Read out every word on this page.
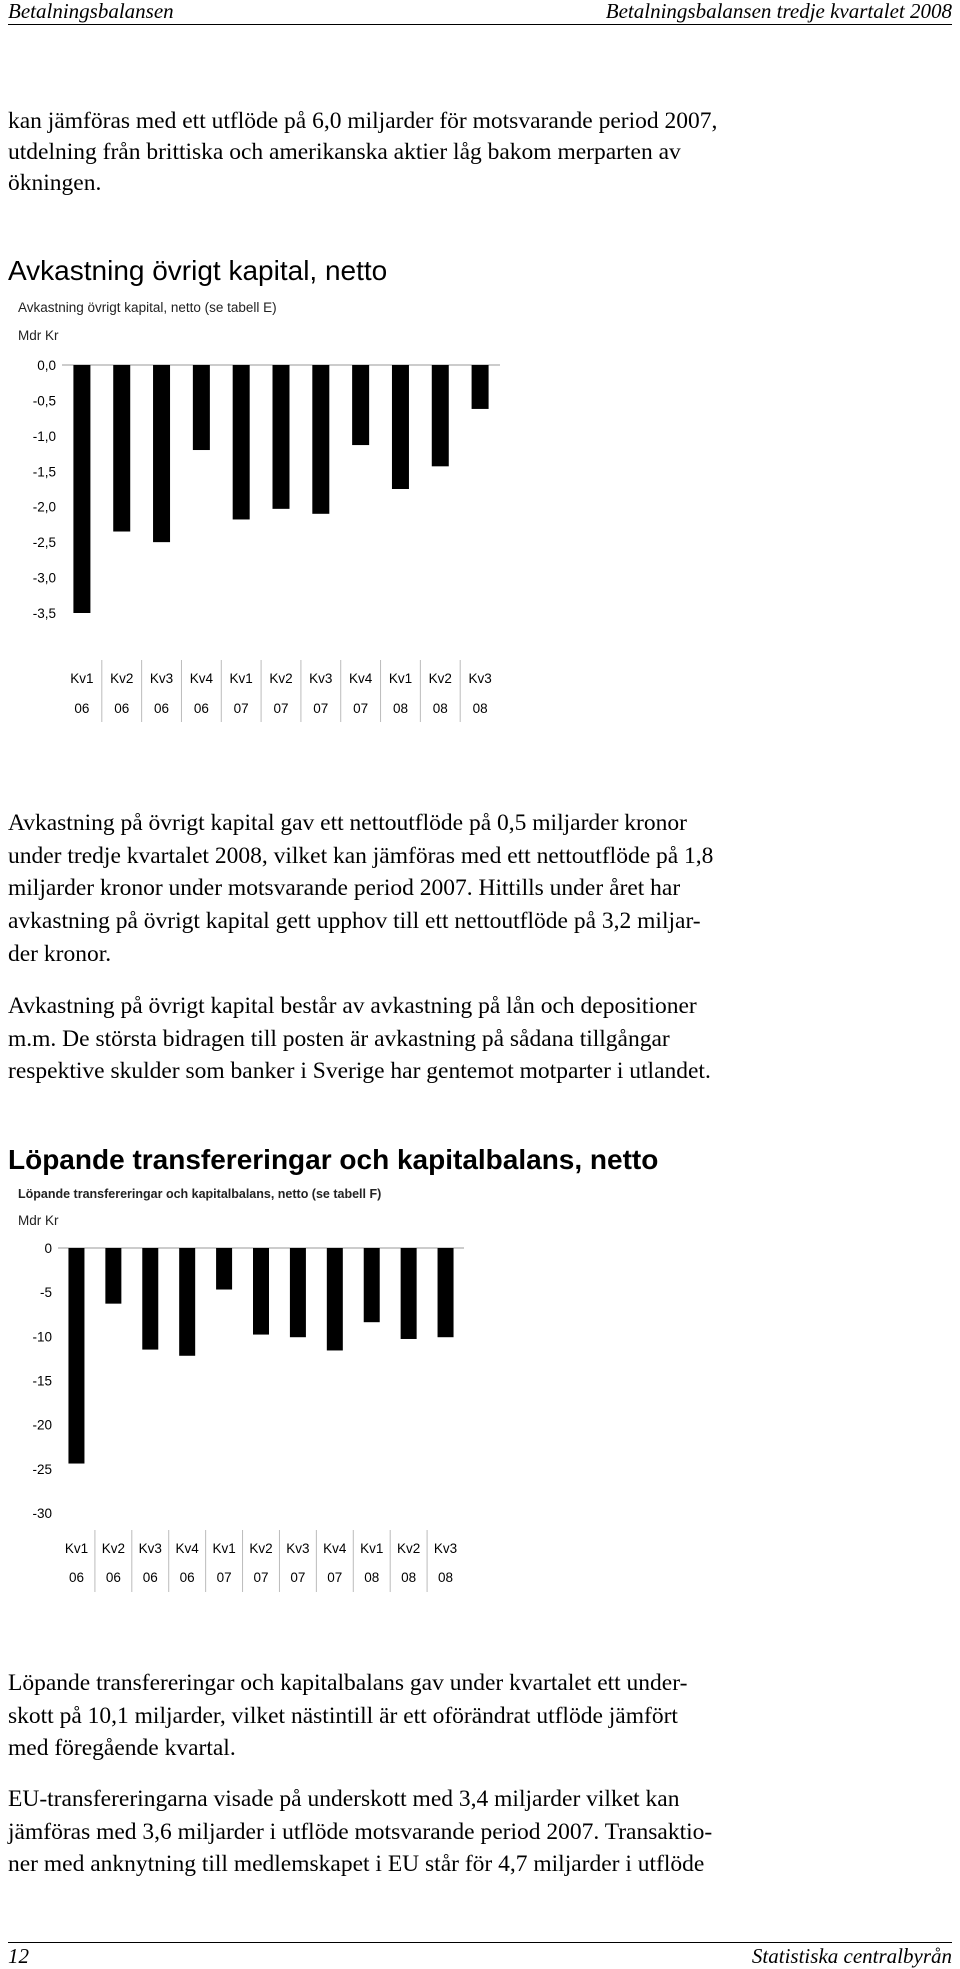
Betalningsbalansen	Betalningsbalansen tredje kvartalet 2008

kan jämföras med ett utflöde på 6,0 miljarder för motsvarande period 2007,
utdelning från brittiska och amerikanska aktier låg bakom merparten av
ökningen.

Avkastning övrigt kapital, netto
Avkastning övrigt kapital, netto (se tabell E)
Mdr Kr
0,0
-0,5
-1,0
-1,5
-2,0
-2,5
-3,0
-3,5
Kv1
06
Kv2
06
Kv3
06
Kv4
06
Kv1
07
Kv2
07
Kv3
07
Kv4
07
Kv1
08
Kv2
08
Kv3
08

Avkastning på övrigt kapital gav ett nettoutflöde på 0,5 miljarder kronor
under tredje kvartalet 2008, vilket kan jämföras med ett nettoutflöde på 1,8
miljarder kronor under motsvarande period 2007. Hittills under året har
avkastning på övrigt kapital gett upphov till ett nettoutflöde på 3,2 miljar-
der kronor.

Avkastning på övrigt kapital består av avkastning på lån och depositioner
m.m. De största bidragen till posten är avkastning på sådana tillgångar
respektive skulder som banker i Sverige har gentemot motparter i utlandet.

Löpande transfereringar och kapitalbalans, netto
Löpande transfereringar och kapitalbalans, netto (se tabell F)
Mdr Kr
0
-5
-10
-15
-20
-25
-30
Kv1
06
Kv2
06
Kv3
06
Kv4
06
Kv1
07
Kv2
07
Kv3
07
Kv4
07
Kv1
08
Kv2
08
Kv3
08

Löpande transfereringar och kapitalbalans gav under kvartalet ett under-
skott på 10,1 miljarder, vilket nästintill är ett oförändrat utflöde jämfört
med föregående kvartal.

EU-transfereringarna visade på underskott med 3,4 miljarder vilket kan
jämföras med 3,6 miljarder i utflöde motsvarande period 2007. Transaktio-
ner med anknytning till medlemskapet i EU står för 4,7 miljarder i utflöde

12	Statistiska centralbyrån
